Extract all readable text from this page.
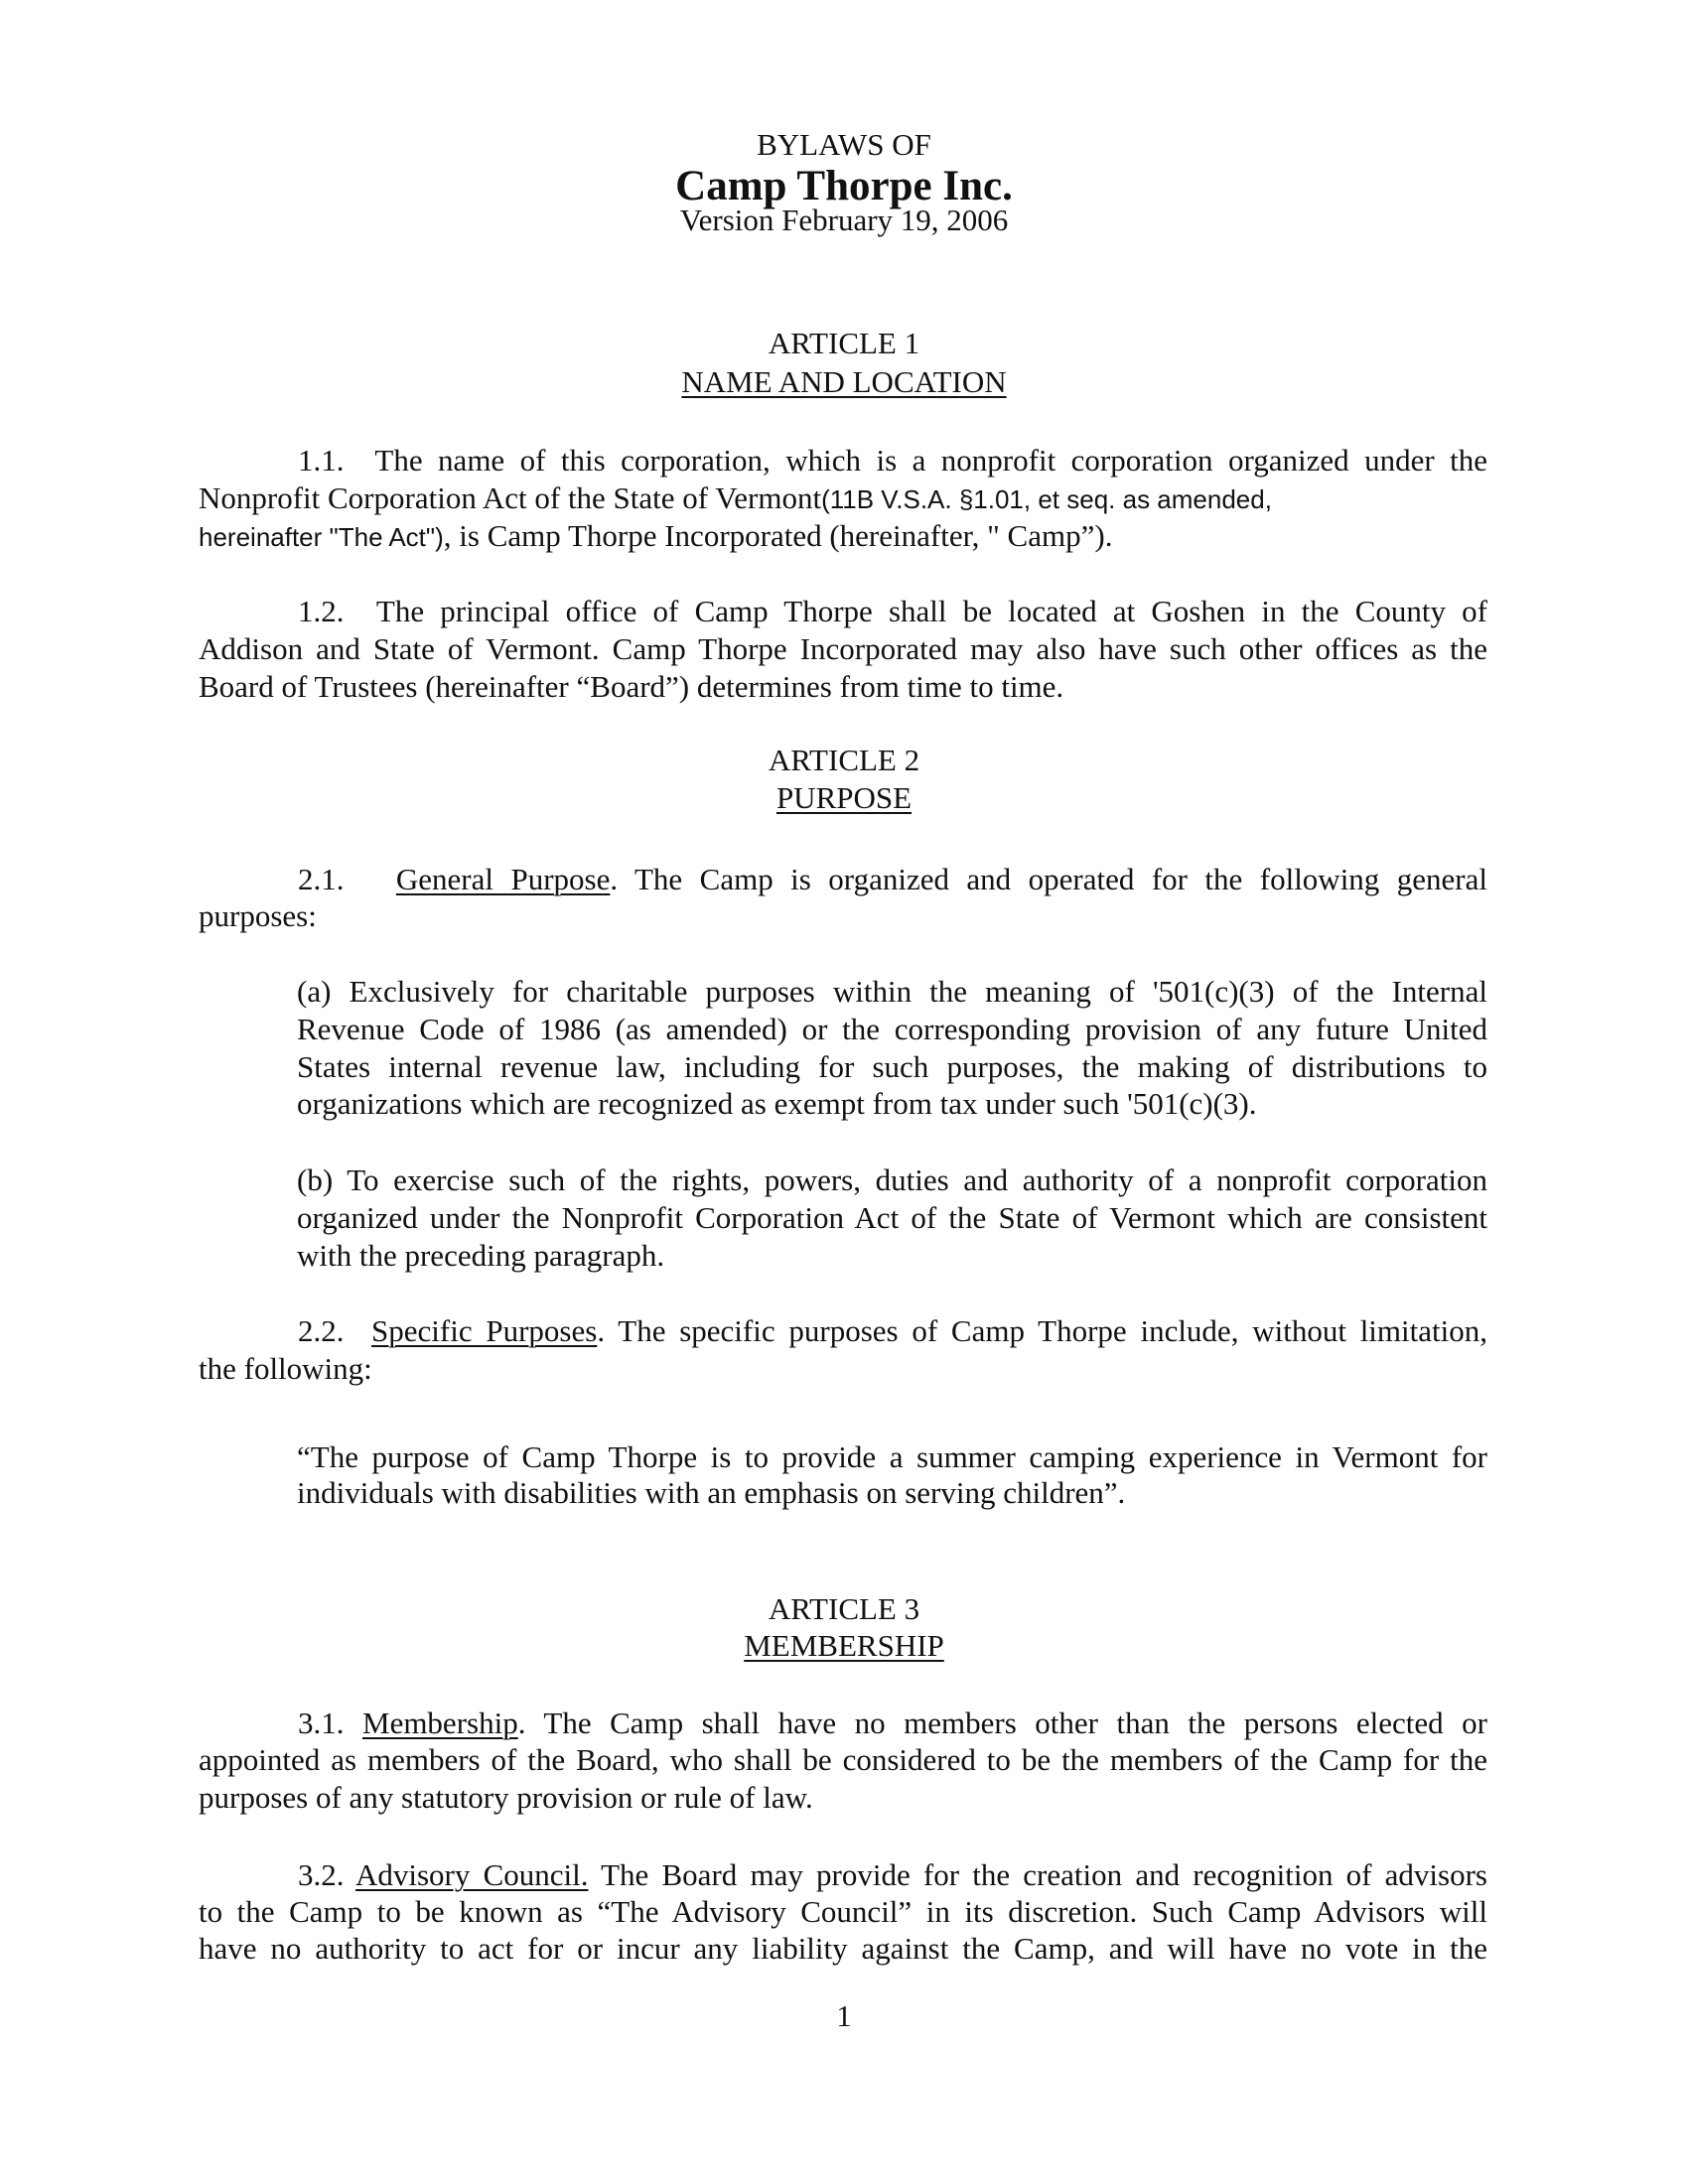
BYLAWS OF
Camp Thorpe Inc.
Version February 19, 2006
ARTICLE 1
NAME AND LOCATION
1.1. The name of this corporation, which is a nonprofit corporation organized under the
Nonprofit Corporation Act of the State of Vermont(11B V.S.A. §1.01, et seq. as amended,
hereinafter "The Act"), is Camp Thorpe Incorporated (hereinafter, " Camp”).
1.2. The principal office of Camp Thorpe shall be located at Goshen in the County of
Addison and State of Vermont. Camp Thorpe Incorporated may also have such other offices as the
Board of Trustees (hereinafter “Board”) determines from time to time.
ARTICLE 2
PURPOSE
2.1. General Purpose. The Camp is organized and operated for the following general
purposes:
(a) Exclusively for charitable purposes within the meaning of '501(c)(3) of the Internal
Revenue Code of 1986 (as amended) or the corresponding provision of any future United
States internal revenue law, including for such purposes, the making of distributions to
organizations which are recognized as exempt from tax under such '501(c)(3).
(b) To exercise such of the rights, powers, duties and authority of a nonprofit corporation
organized under the Nonprofit Corporation Act of the State of Vermont which are consistent
with the preceding paragraph.
2.2. Specific Purposes. The specific purposes of Camp Thorpe include, without limitation,
the following:
“The purpose of Camp Thorpe is to provide a summer camping experience in Vermont for
individuals with disabilities with an emphasis on serving children”.
ARTICLE 3
MEMBERSHIP
3.1. Membership. The Camp shall have no members other than the persons elected or
appointed as members of the Board, who shall be considered to be the members of the Camp for the
purposes of any statutory provision or rule of law.
3.2. Advisory Council. The Board may provide for the creation and recognition of advisors
to the Camp to be known as “The Advisory Council” in its discretion. Such Camp Advisors will
have no authority to act for or incur any liability against the Camp, and will have no vote in the
1
